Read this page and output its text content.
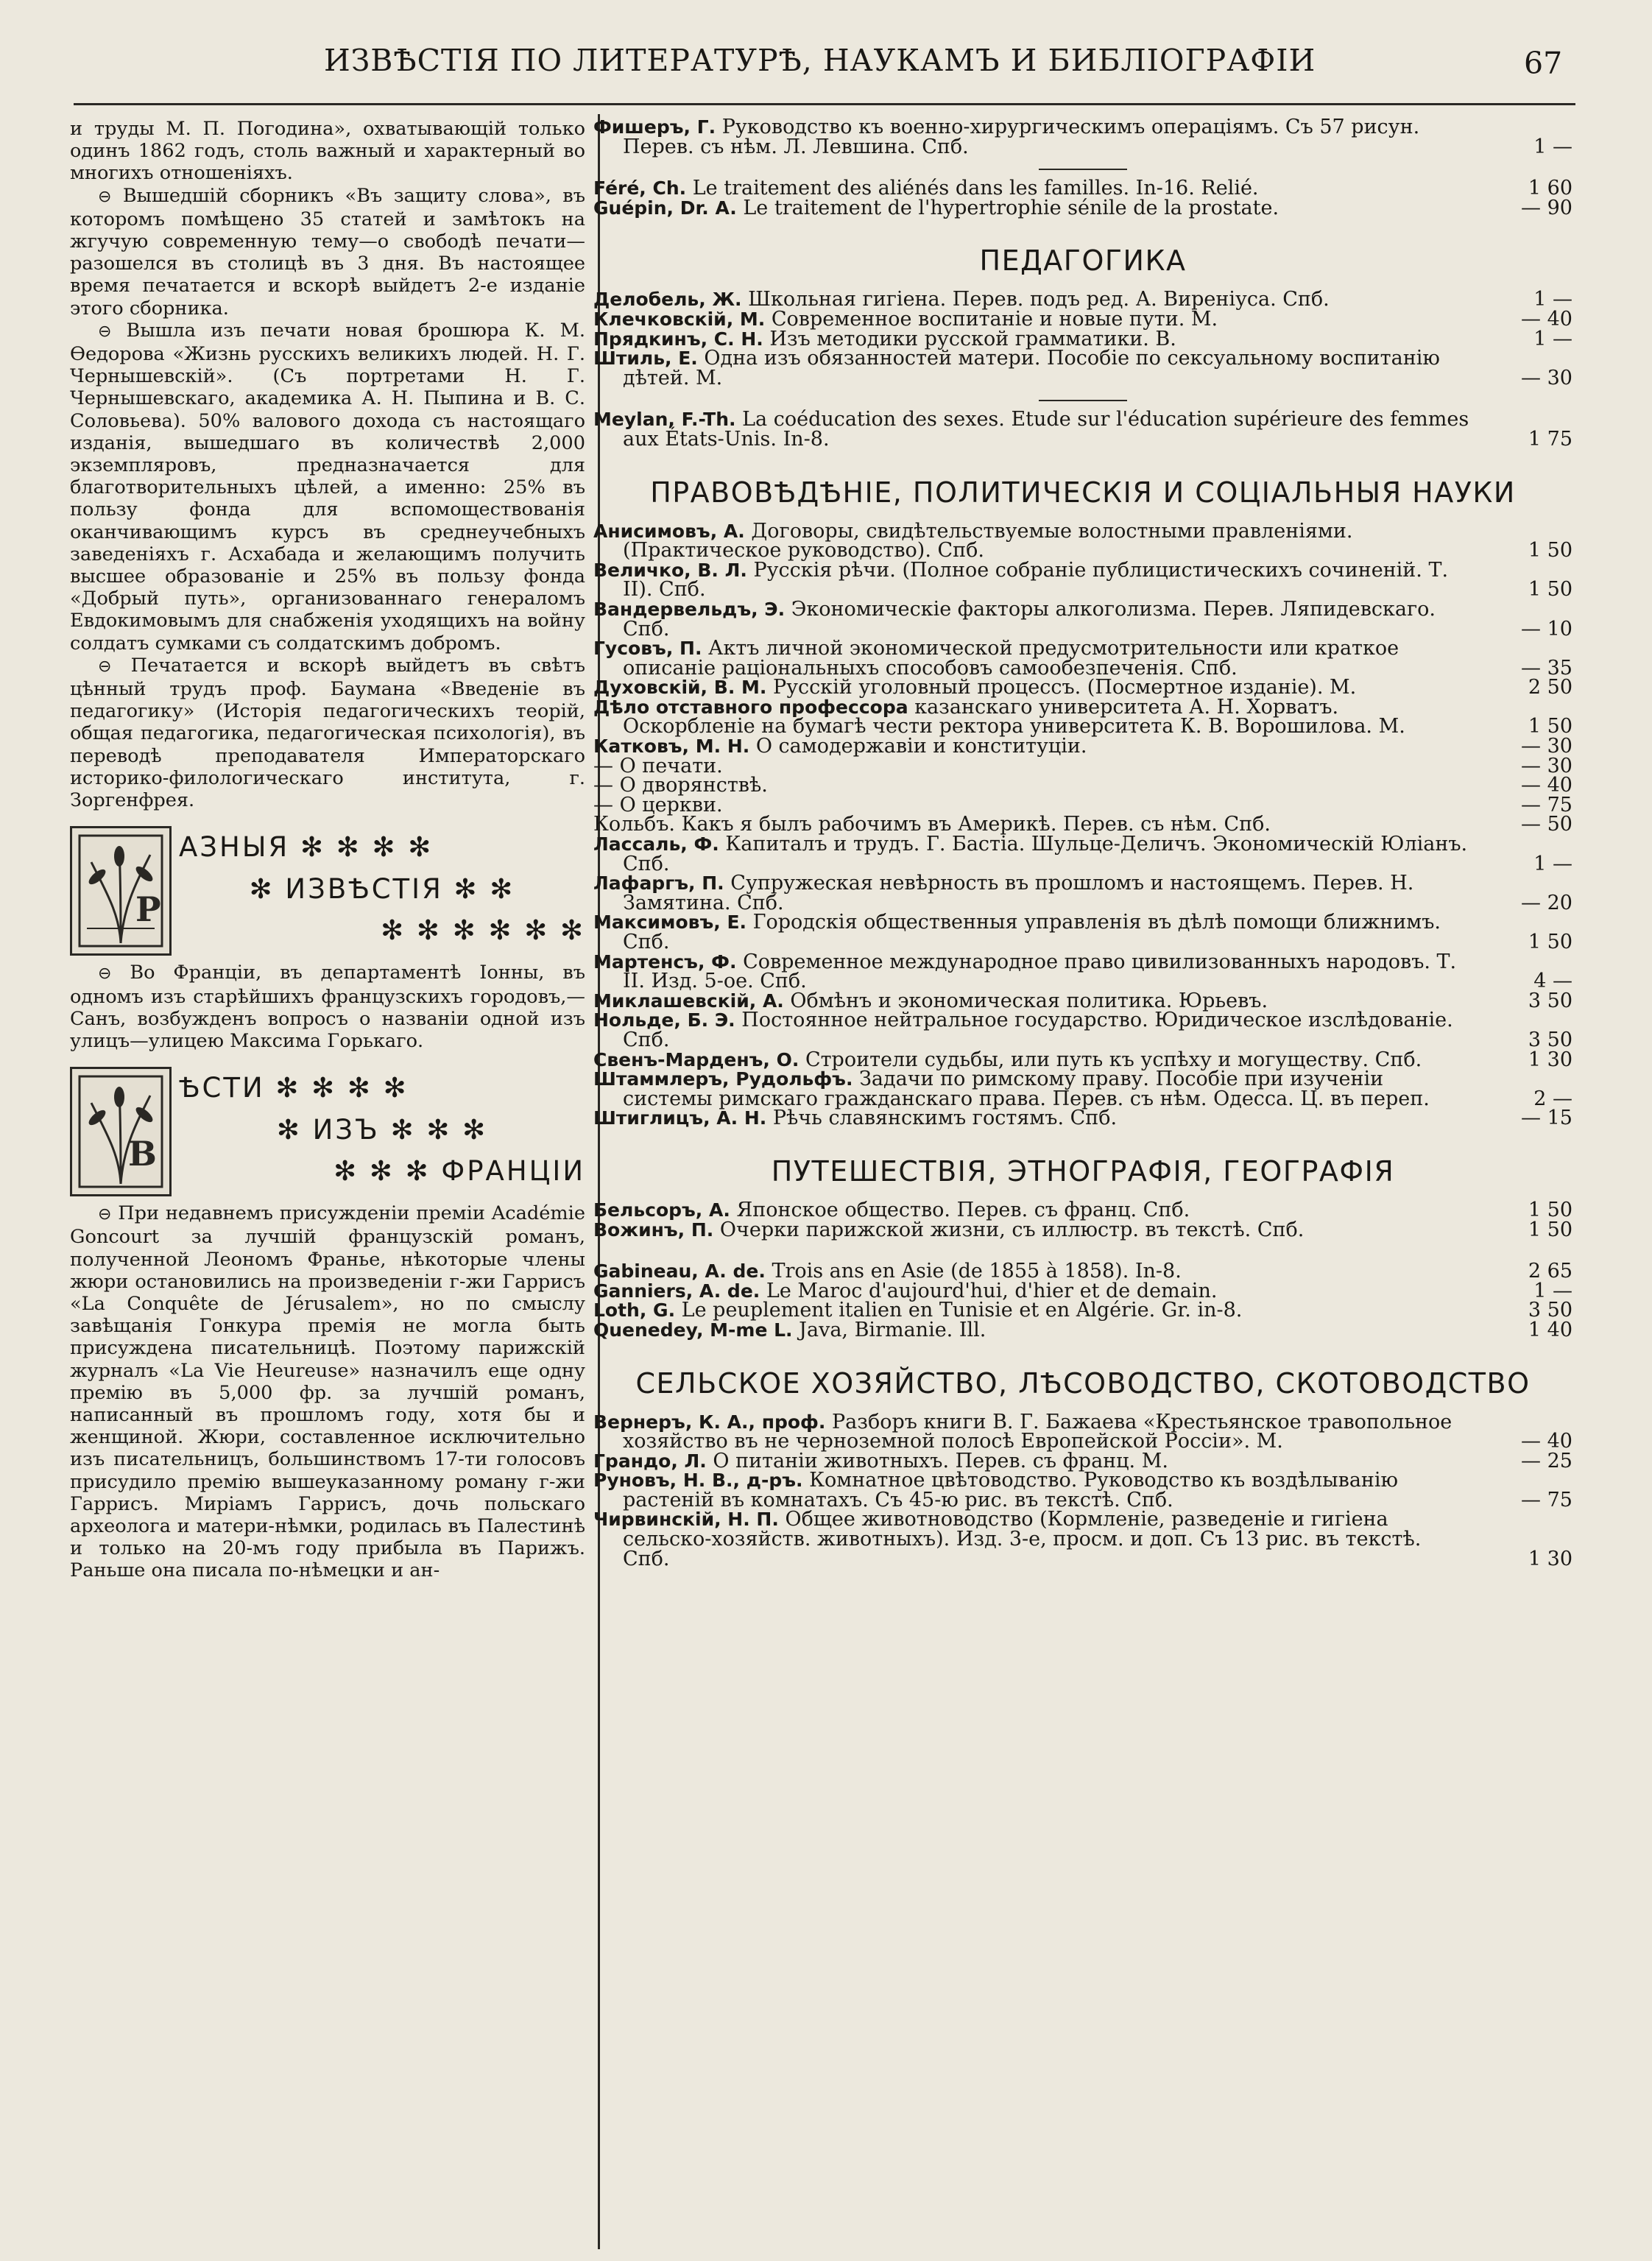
ИЗВѢСТІЯ ПО ЛИТЕРАТУРѢ, НАУКАМЪ И БИБЛІОГРАФІИ	67

и труды М. П. Погодина», охватывающій только одинъ 1862 годъ, столь важный и характерный во многихъ отношеніяхъ.

⊖ Вышедшій сборникъ «Въ защиту слова», въ которомъ помѣщено 35 статей и замѣтокъ на жгучую современную тему—о свободѣ печати—разошелся въ столицѣ въ 3 дня. Въ настоящее время печатается и вскорѣ выйдетъ 2-е изданіе этого сборника.

⊖ Вышла изъ печати новая брошюра К. М. Ѳедорова «Жизнь русскихъ великихъ людей. Н. Г. Чернышевскій». (Съ портретами Н. Г. Чернышевскаго, академика А. Н. Пыпина и В. С. Соловьева). 50% валового дохода съ настоящаго изданія, вышедшаго въ количествѣ 2,000 экземпляровъ, предназначается для благотворительныхъ цѣлей, а именно: 25% въ пользу фонда для вспомоществованія оканчивающимъ курсъ въ среднеучебныхъ заведеніяхъ г. Асхабада и желающимъ получить высшее образованіе и 25% въ пользу фонда «Добрый путь», организованнаго генераломъ Евдокимовымъ для снабженія уходящихъ на войну солдатъ сумками съ солдатскимъ добромъ.

⊖ Печатается и вскорѣ выйдетъ въ свѣтъ цѣнный трудъ проф. Баумана «Введеніе въ педагогику» (Исторія педагогическихъ теорій, общая педагогика, педагогическая психологія), въ переводѣ преподавателя Императорскаго историко-филологическаго института, г. Зоргенфрея.

Р
АЗНЫЯ ✻ ✻ ✻ ✻
✻ ИЗВѢСТІЯ ✻ ✻
✻ ✻ ✻ ✻ ✻ ✻

⊖ Во Франціи, въ департаментѣ Іонны, въ одномъ изъ старѣйшихъ французскихъ городовъ,—Санъ, возбужденъ вопросъ о названіи одной изъ улицъ—улицею Максима Горькаго.

В
ѢСТИ ✻ ✻ ✻ ✻
✻ ИЗЪ ✻ ✻ ✻
✻ ✻ ✻ ФРАНЦІИ

⊖ При недавнемъ присужденіи преміи Académie Goncourt за лучшій французскій романъ, полученной Леономъ Франье, нѣкоторые члены жюри остановились на произведеніи г-жи Гаррисъ «La Conquête de Jérusalem», но по смыслу завѣщанія Гонкура премія не могла быть присуждена писательницѣ. Поэтому парижскій журналъ «La Vie Heureuse» назначилъ еще одну премію въ 5,000 фр. за лучшій романъ, написанный въ прошломъ году, хотя бы и женщиной. Жюри, составленное исключительно изъ писательницъ, большинствомъ 17-ти голосовъ присудило премію вышеуказанному роману г-жи Гаррисъ. Миріамъ Гаррисъ, дочь польскаго археолога и матери-нѣмки, родилась въ Палестинѣ и только на 20-мъ году прибыла въ Парижъ. Раньше она писала по-нѣмецки и ан-

Фишеръ, Г. Руководство къ военно-хирургическимъ операціямъ. Съ 57 рисун. Перев. съ нѣм. Л. Левшина. Спб.	1 —
Féré, Ch. Le traitement des aliénés dans les familles. In-16. Relié.	1 60
Guépin, Dr. A. Le traitement de l'hypertrophie sénile de la prostate.	— 90
ПЕДАГОГИКА
Делобель, Ж. Школьная гигіена. Перев. подъ ред. А. Виреніуса. Спб.	1 —
Клечковскій, М. Современное воспитаніе и новые пути. М.	— 40
Прядкинъ, С. Н. Изъ методики русской грамматики. В.	1 —
Штиль, Е. Одна изъ обязанностей матери. Пособіе по сексуальному воспитанію дѣтей. М.	— 30
Meylan, F.-Th. La coéducation des sexes. Etude sur l'éducation supérieure des femmes aux États-Unis. In-8.	1 75
ПРАВОВѢДѢНІЕ, ПОЛИТИЧЕСКІЯ И СОЦІАЛЬНЫЯ НАУКИ
Анисимовъ, А. Договоры, свидѣтельствуемые волостными правленіями. (Практическое руководство). Спб.	1 50
Величко, В. Л. Русскія рѣчи. (Полное собраніе публицистическихъ сочиненій. Т. II). Спб.	1 50
Вандервельдъ, Э. Экономическіе факторы алкоголизма. Перев. Ляпидевскаго. Спб.	— 10
Гусовъ, П. Актъ личной экономической предусмотрительности или краткое описаніе раціональныхъ способовъ самообезпеченія. Спб.	— 35
Духовскій, В. М. Русскій уголовный процессъ. (Посмертное изданіе). М.	2 50
Дѣло отставного профессора казанскаго университета А. Н. Хорватъ. Оскорбленіе на бумагѣ чести ректора университета К. В. Ворошилова. М.	1 50
Катковъ, М. Н. О самодержавіи и конституціи.	— 30
— О печати.	— 30
— О дворянствѣ.	— 40
— О церкви.	— 75
Кольбъ. Какъ я былъ рабочимъ въ Америкѣ. Перев. съ нѣм. Спб.	— 50
Лассаль, Ф. Капиталъ и трудъ. Г. Бастіа. Шульце-Деличъ. Экономическій Юліанъ. Спб.	1 —
Лафаргъ, П. Супружеская невѣрность въ прошломъ и настоящемъ. Перев. Н. Замятина. Спб.	— 20
Максимовъ, Е. Городскія общественныя управленія въ дѣлѣ помощи ближнимъ. Спб.	1 50
Мартенсъ, Ф. Современное международное право цивилизованныхъ народовъ. Т. II. Изд. 5-ое. Спб.	4 —
Миклашевскій, А. Обмѣнъ и экономическая политика. Юрьевъ.	3 50
Нольде, Б. Э. Постоянное нейтральное государство. Юридическое изслѣдованіе. Спб.	3 50
Свенъ-Марденъ, О. Строители судьбы, или путь къ успѣху и могуществу. Спб.	1 30
Штаммлеръ, Рудольфъ. Задачи по римскому праву. Пособіе при изученіи системы римскаго гражданскаго права. Перев. съ нѣм. Одесса. Ц. въ переп.	2 —
Штиглицъ, А. Н. Рѣчь славянскимъ гостямъ. Спб.	— 15
ПУТЕШЕСТВІЯ, ЭТНОГРАФІЯ, ГЕОГРАФІЯ
Бельсоръ, А. Японское общество. Перев. съ франц. Спб.	1 50
Вожинъ, П. Очерки парижской жизни, съ иллюстр. въ текстѣ. Спб.	1 50
Gabineau, A. de. Trois ans en Asie (de 1855 à 1858). In-8.	2 65
Ganniers, A. de. Le Maroc d'aujourd'hui, d'hier et de demain.	1 —
Loth, G. Le peuplement italien en Tunisie et en Algérie. Gr. in-8.	3 50
Quenedey, M-me L. Java, Birmanie. Ill.	1 40
СЕЛЬСКОЕ ХОЗЯЙСТВО, ЛѢСОВОДСТВО, СКОТОВОДСТВО
Вернеръ, К. А., проф. Разборъ книги В. Г. Бажаева «Крестьянское травопольное хозяйство въ не черноземной полосѣ Европейской Россіи». М.	— 40
Грандо, Л. О питаніи животныхъ. Перев. съ франц. М.	— 25
Руновъ, Н. В., д-ръ. Комнатное цвѣтоводство. Руководство къ воздѣлыванію растеній въ комнатахъ. Съ 45-ю рис. въ текстѣ. Спб.	— 75
Чирвинскій, Н. П. Общее животноводство (Кормленіе, разведеніе и гигіена сельско-хозяйств. животныхъ). Изд. 3-е, просм. и доп. Съ 13 рис. въ текстѣ. Спб.	1 30
